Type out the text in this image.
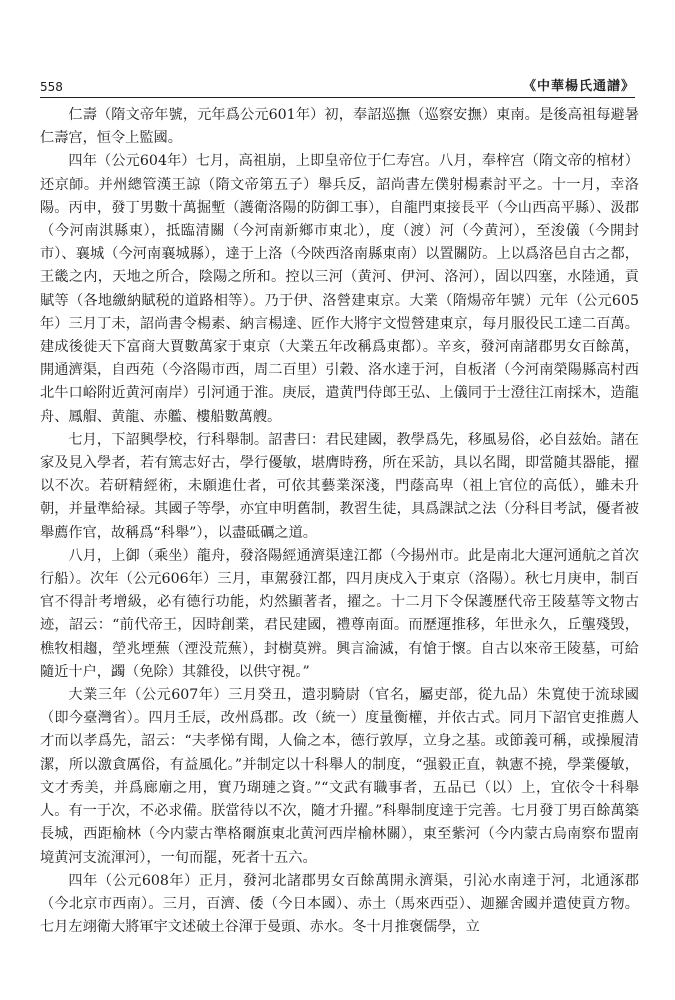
558	《中華楊氏通譜》

仁壽（隋文帝年號，元年爲公元601年）初，奉詔巡撫（巡察安撫）東南。是後高祖每避暑仁壽宫，恒令上監國。

四年（公元604年）七月，高祖崩，上即皇帝位于仁寿宫。八月，奉梓宫（隋文帝的棺材）还京師。并州總管漢王諒（隋文帝第五子）舉兵反，詔尚書左僕射楊素討平之。十一月，幸洛陽。丙申，發丁男數十萬掘塹（護衛洛陽的防御工事），自龍門東接長平（今山西高平縣）、汲郡（今河南淇縣東），抵臨清關（今河南新鄉市東北），度（渡）河（今黄河），至浚儀（今開封市）、襄城（今河南襄城縣），達于上洛（今陝西洛南縣東南）以置關防。上以爲洛邑自古之都，王畿之内，天地之所合，陰陽之所和。控以三河（黄河、伊河、洛河），固以四塞，水陸通，貢賦等（各地繳納賦税的道路相等）。乃于伊、洛營建東京。大業（隋煬帝年號）元年（公元605年）三月丁未，詔尚書令楊素、納言楊達、匠作大將宇文愷營建東京，每月服役民工達二百萬。建成後徙天下富商大賈數萬家于東京（大業五年改稱爲東都）。辛亥，發河南諸郡男女百餘萬，開通濟渠，自西苑（今洛陽市西，周二百里）引穀、洛水達于河，自板渚（今河南榮陽縣高村西北牛口峪附近黄河南岸）引河通于淮。庚辰，遣黄門侍郎王弘、上儀同于士澄往江南採木，造龍舟、鳳艒、黄龍、赤艦、樓船數萬艘。

七月，下詔興學校，行科舉制。詔書曰：君民建國，教學爲先，移風易俗，必自兹始。諸在家及見入學者，若有篤志好古，學行優敏，堪膺時務，所在采訪，具以名聞，即當隨其器能，擢以不次。若研精經術，未願進仕者，可依其藝業深淺，門蔭高卑（祖上官位的高低），雖未升朝，并量準給禄。其國子等學，亦宜申明舊制，教習生徒，具爲課試之法（分科目考試，優者被舉薦作官，故稱爲“科舉”），以盡砥礪之道。

八月，上御（乘坐）龍舟，發洛陽經通濟渠達江都（今揚州市。此是南北大運河通航之首次行船）。次年（公元606年）三月，車駕發江都，四月庚戍入于東京（洛陽）。秋七月庚申，制百官不得計考增級，必有德行功能，灼然顯著者，擢之。十二月下令保護歷代帝王陵墓等文物古迹，詔云：“前代帝王，因時創業，君民建國，禮尊南面。而歷運推移，年世永久，丘壟殘毁，樵牧相趨，塋兆堙蕪（湮没荒蕪），封樹莫辨。興言淪滅，有愴于懷。自古以來帝王陵墓，可給隨近十户，蠲（免除）其雜役，以供守視。”

大業三年（公元607年）三月癸丑，遣羽騎尉（官名，屬吏部，從九品）朱寬使于流球國（即今臺灣省）。四月壬辰，改州爲郡。改（統一）度量衡權，并依古式。同月下詔官吏推薦人才而以孝爲先，詔云：“夫孝悌有聞，人倫之本，德行敦厚，立身之基。或節義可稱，或操履清潔，所以激貪厲俗，有益風化。”并制定以十科舉人的制度，“强毅正直，執憲不撓，學業優敏，文才秀美，并爲廊廟之用，實乃瑚璉之資。”“文武有職事者，五品已（以）上，宜依令十科舉人。有一于次，不必求備。朕當待以不次，隨才升擢。”科舉制度達于完善。七月發丁男百餘萬築長城，西距榆林（今内蒙古準格爾旗東北黄河西岸榆林關），東至紫河（今内蒙古烏南察布盟南境黄河支流渾河），一旬而罷，死者十五六。

四年（公元608年）正月，發河北諸郡男女百餘萬開永濟渠，引沁水南達于河，北通涿郡（今北京市西南）。三月，百濟、倭（今日本國）、赤土（馬來西亞）、迦羅舍國并遣使貢方物。七月左翊衛大將軍宇文述破土谷渾于曼頭、赤水。冬十月推褒儒學，立
